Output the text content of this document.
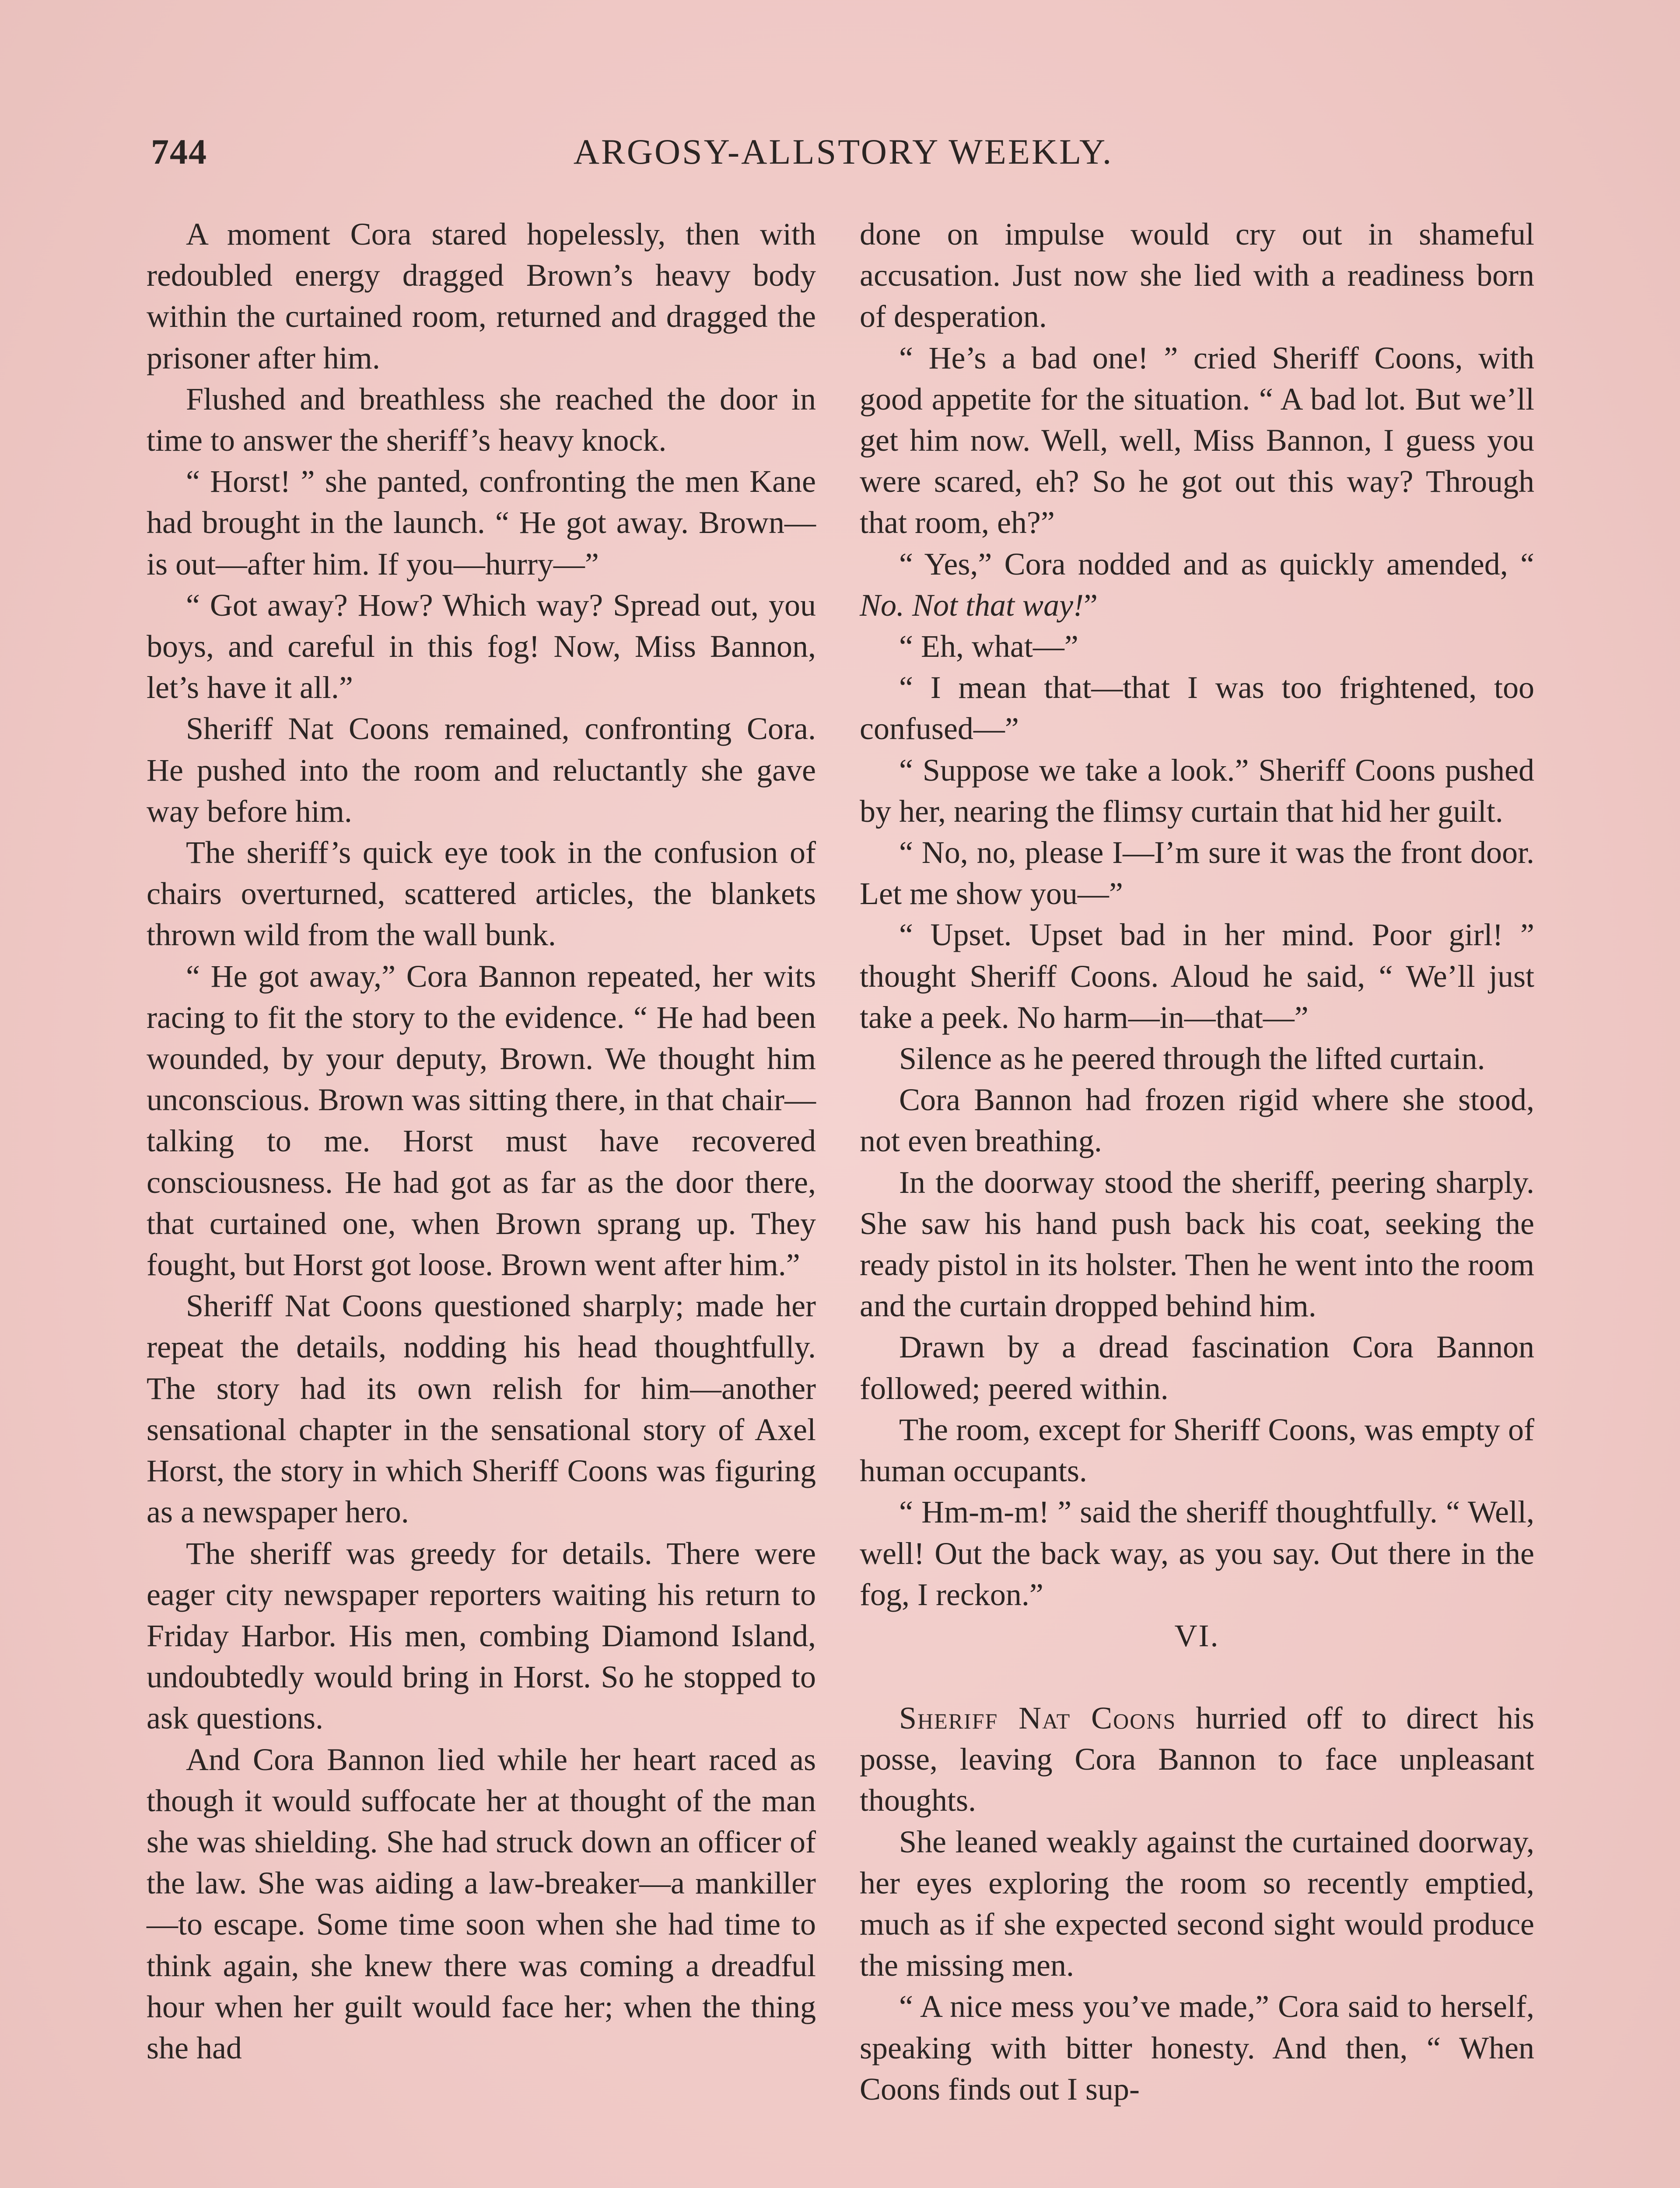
744	ARGOSY-ALLSTORY WEEKLY.

A moment Cora stared hopelessly, then with redoubled energy dragged Brown’s heavy body within the curtained room, returned and dragged the prisoner after him.

Flushed and breathless she reached the door in time to answer the sheriff’s heavy knock.

“ Horst! ” she panted, confronting the men Kane had brought in the launch. “ He got away. Brown—is out—after him. If you—hurry—”

“ Got away? How? Which way? Spread out, you boys, and careful in this fog! Now, Miss Bannon, let’s have it all.”

Sheriff Nat Coons remained, confronting Cora. He pushed into the room and reluctantly she gave way before him.

The sheriff’s quick eye took in the confusion of chairs overturned, scattered articles, the blankets thrown wild from the wall bunk.

“ He got away,” Cora Bannon repeated, her wits racing to fit the story to the evidence. “ He had been wounded, by your deputy, Brown. We thought him unconscious. Brown was sitting there, in that chair—talking to me. Horst must have recovered consciousness. He had got as far as the door there, that curtained one, when Brown sprang up. They fought, but Horst got loose. Brown went after him.”

Sheriff Nat Coons questioned sharply; made her repeat the details, nodding his head thoughtfully. The story had its own relish for him—another sensational chapter in the sensational story of Axel Horst, the story in which Sheriff Coons was figuring as a newspaper hero.

The sheriff was greedy for details. There were eager city newspaper reporters waiting his return to Friday Harbor. His men, combing Diamond Island, undoubtedly would bring in Horst. So he stopped to ask questions.

And Cora Bannon lied while her heart raced as though it would suffocate her at thought of the man she was shielding. She had struck down an officer of the law. She was aiding a law-breaker—a mankiller—to escape. Some time soon when she had time to think again, she knew there was coming a dreadful hour when her guilt would face her; when the thing she had

done on impulse would cry out in shameful accusation. Just now she lied with a readiness born of desperation.

“ He’s a bad one! ” cried Sheriff Coons, with good appetite for the situation. “ A bad lot. But we’ll get him now. Well, well, Miss Bannon, I guess you were scared, eh? So he got out this way? Through that room, eh?”

“ Yes,” Cora nodded and as quickly amended, “ No. Not that way!”

“ Eh, what—”

“ I mean that—that I was too frightened, too confused—”

“ Suppose we take a look.” Sheriff Coons pushed by her, nearing the flimsy curtain that hid her guilt.

“ No, no, please I—I’m sure it was the front door. Let me show you—”

“ Upset. Upset bad in her mind. Poor girl! ” thought Sheriff Coons. Aloud he said, “ We’ll just take a peek. No harm—in—that—”

Silence as he peered through the lifted curtain.

Cora Bannon had frozen rigid where she stood, not even breathing.

In the doorway stood the sheriff, peering sharply. She saw his hand push back his coat, seeking the ready pistol in its holster. Then he went into the room and the curtain dropped behind him.

Drawn by a dread fascination Cora Bannon followed; peered within.

The room, except for Sheriff Coons, was empty of human occupants.

“ Hm-m-m! ” said the sheriff thoughtfully. “ Well, well! Out the back way, as you say. Out there in the fog, I reckon.”

VI.

Sheriff Nat Coons hurried off to direct his posse, leaving Cora Bannon to face unpleasant thoughts.

She leaned weakly against the curtained doorway, her eyes exploring the room so recently emptied, much as if she expected second sight would produce the missing men.

“ A nice mess you’ve made,” Cora said to herself, speaking with bitter honesty. And then, “ When Coons finds out I sup-
